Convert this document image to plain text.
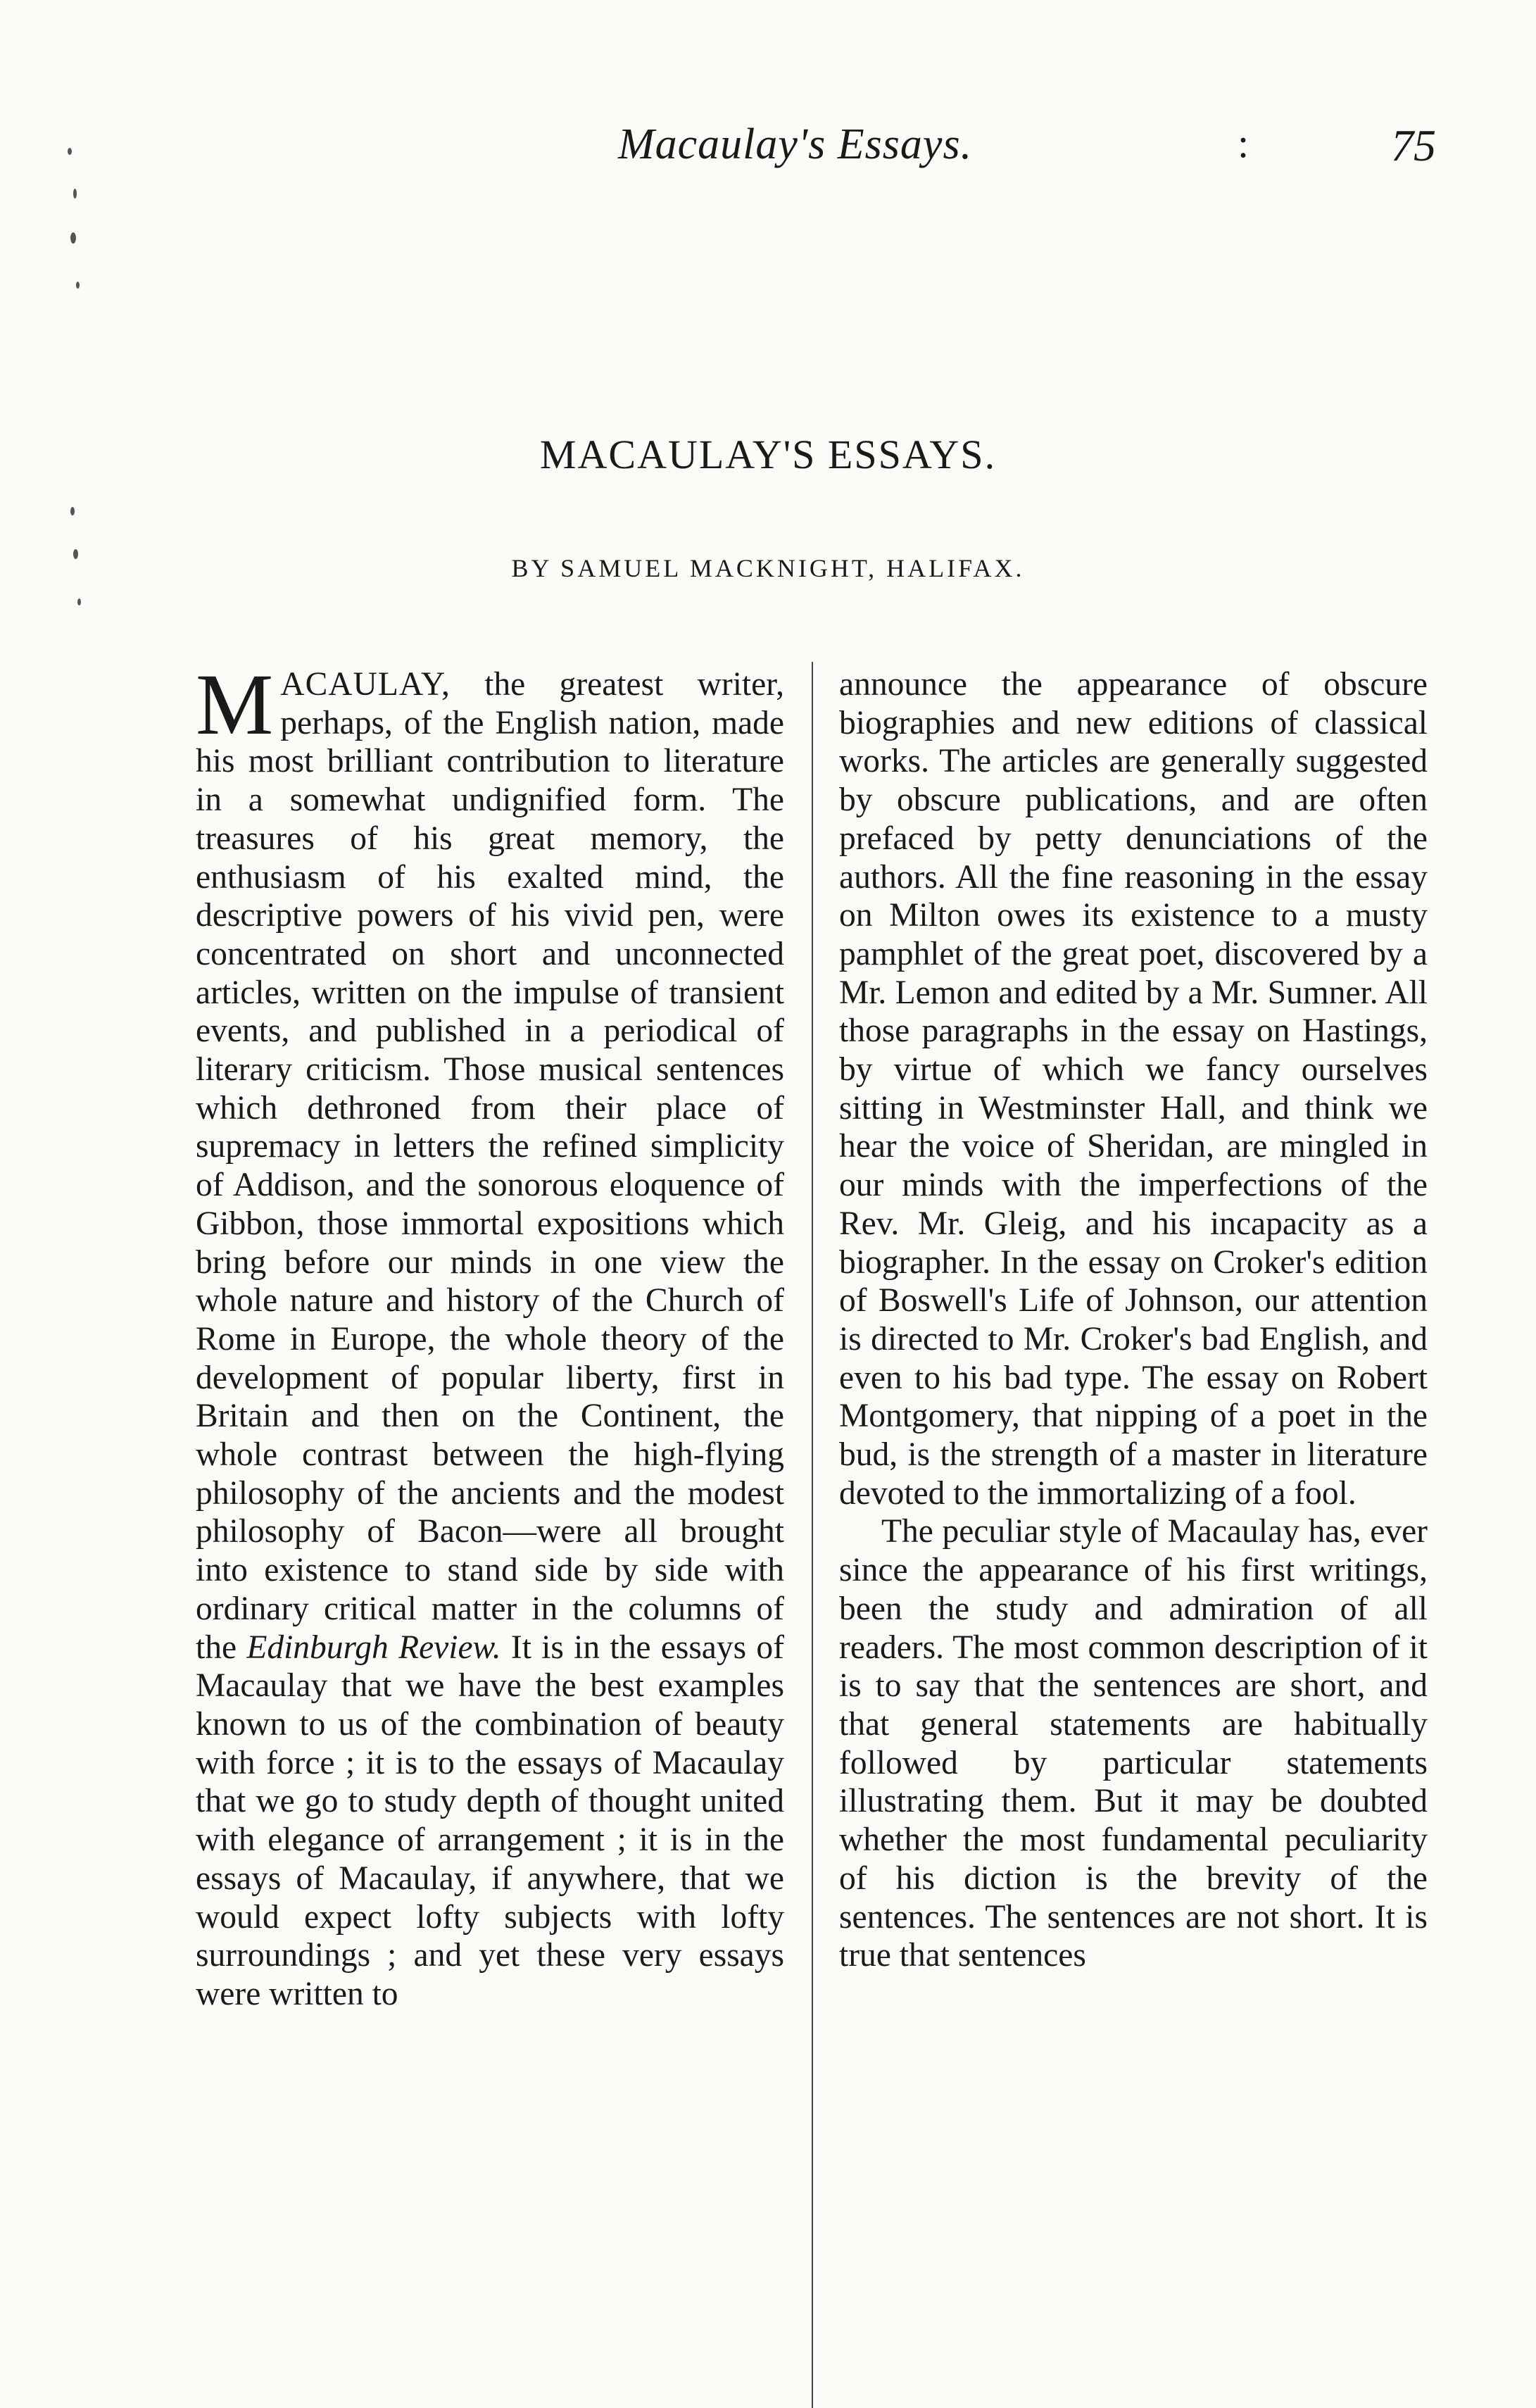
Macaulay's Essays.	:	75
MACAULAY'S ESSAYS.
BY SAMUEL MACKNIGHT, HALIFAX.

MACAULAY, the greatest writer, perhaps, of the English nation, made his most brilliant contribution to literature in a somewhat undignified form. The treasures of his great memory, the enthusiasm of his exalted mind, the descriptive powers of his vivid pen, were concentrated on short and unconnected articles, written on the impulse of transient events, and published in a periodical of literary criticism. Those musical sentences which dethroned from their place of supremacy in letters the refined simplicity of Addison, and the sonorous eloquence of Gibbon, those immortal expositions which bring before our minds in one view the whole nature and history of the Church of Rome in Europe, the whole theory of the development of popular liberty, first in Britain and then on the Continent, the whole contrast between the high-flying philosophy of the ancients and the modest philosophy of Bacon—were all brought into existence to stand side by side with ordinary critical matter in the columns of the Edinburgh Review. It is in the essays of Macaulay that we have the best examples known to us of the combination of beauty with force ; it is to the essays of Macaulay that we go to study depth of thought united with elegance of arrangement ; it is in the essays of Macaulay, if anywhere, that we would expect lofty subjects with lofty surroundings ; and yet these very essays were written to

announce the appearance of obscure biographies and new editions of classical works. The articles are generally suggested by obscure publications, and are often prefaced by petty denunciations of the authors. All the fine reasoning in the essay on Milton owes its existence to a musty pamphlet of the great poet, discovered by a Mr. Lemon and edited by a Mr. Sumner. All those paragraphs in the essay on Hastings, by virtue of which we fancy ourselves sitting in Westminster Hall, and think we hear the voice of Sheridan, are mingled in our minds with the imperfections of the Rev. Mr. Gleig, and his incapacity as a biographer. In the essay on Croker's edition of Boswell's Life of Johnson, our attention is directed to Mr. Croker's bad English, and even to his bad type. The essay on Robert Montgomery, that nipping of a poet in the bud, is the strength of a master in literature devoted to the immortalizing of a fool.

The peculiar style of Macaulay has, ever since the appearance of his first writings, been the study and admiration of all readers. The most common description of it is to say that the sentences are short, and that general statements are habitually followed by particular statements illustrating them. But it may be doubted whether the most fundamental peculiarity of his diction is the brevity of the sentences. The sentences are not short. It is true that sentences
